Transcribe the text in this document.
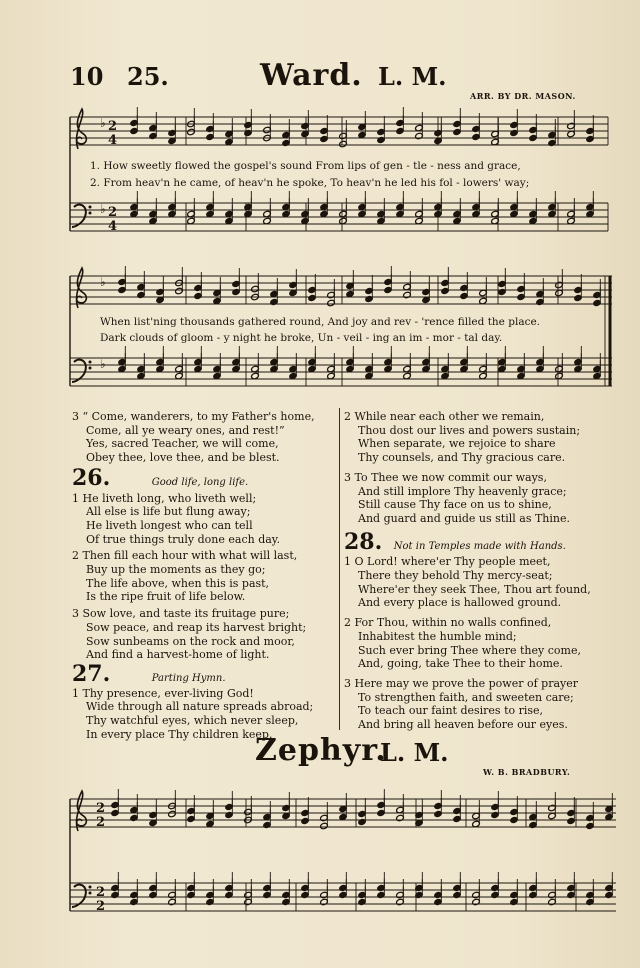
10 25.	Ward. L. M.
ARR. BY DR. MASON.
♭
♭
2
4
2
4
1. How sweetly flowed the gospel's sound From lips of gen - tle - ness and grace,
2. From heav'n he came, of heav'n he spoke, To heav'n he led his fol - lowers' way;
♭
♭
When list'ning thousands gathered round, And joy and rev - 'rence filled the place.
Dark clouds of gloom - y night he broke, Un - veil - ing an im - mor - tal day.
3 “ Come, wanderers, to my Father's home,
Come, all ye weary ones, and rest!”
Yes, sacred Teacher, we will come,
Obey thee, love thee, and be blest.
26.	Good life, long life.
1 He liveth long, who liveth well;
All else is life but flung away;
He liveth longest who can tell
Of true things truly done each day.
2 Then fill each hour with what will last,
Buy up the moments as they go;
The life above, when this is past,
Is the ripe fruit of life below.
3 Sow love, and taste its fruitage pure;
Sow peace, and reap its harvest bright;
Sow sunbeams on the rock and moor,
And find a harvest-home of light.
27.	Parting Hymn.
1 Thy presence, ever-living God!
Wide through all nature spreads abroad;
Thy watchful eyes, which never sleep,
In every place Thy children keep.
2 While near each other we remain,
Thou dost our lives and powers sustain;
When separate, we rejoice to share
Thy counsels, and Thy gracious care.
3 To Thee we now commit our ways,
And still implore Thy heavenly grace;
Still cause Thy face on us to shine,
And guard and guide us still as Thine.
28. Not in Temples made with Hands.
1 O Lord! where'er Thy people meet,
There they behold Thy mercy-seat;
Where'er they seek Thee, Thou art found,
And every place is hallowed ground.
2 For Thou, within no walls confined,
Inhabitest the humble mind;
Such ever bring Thee where they come,
And, going, take Thee to their home.
3 Here may we prove the power of prayer
To strengthen faith, and sweeten care;
To teach our faint desires to rise,
And bring all heaven before our eyes.
Zephyr.
L. M.
W. B. BRADBURY.
2
2
2
2
